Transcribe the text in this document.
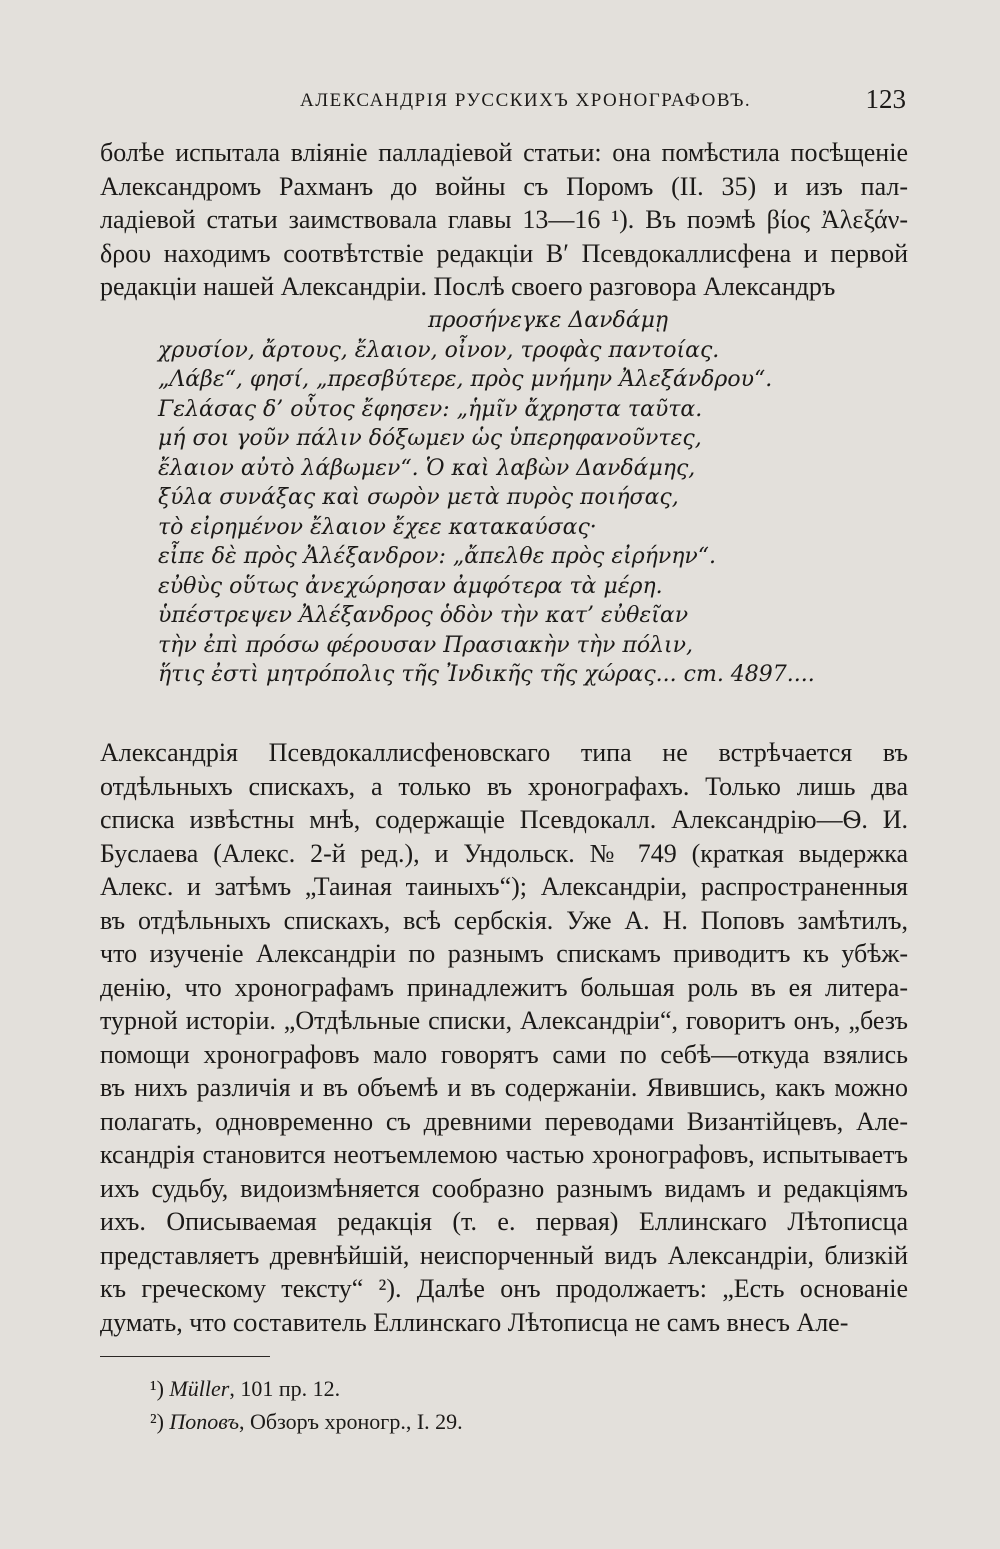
АЛЕКСАНДРІЯ РУССКИХЪ ХРОНОГРАФОВЪ.	123
болѣе испытала вліяніе палладіевой статьи: она помѣстила посѣщеніе
Александромъ Рахманъ до войны съ Поромъ (II. 35) и изъ пал-
ладіевой статьи заимствовала главы 13—16 ¹). Въ поэмѣ βίος Ἀλεξάν-
δρου находимъ соотвѣтствіе редакціи B′ Псевдокаллисфена и первой
редакціи нашей Александріи. Послѣ своего разговора Александръ
προσήνεγκε Δανδάμῃ
χρυσίον, ἄρτους, ἔλαιον, οἶνον, τροφὰς παντοίας.
„Λάβε“, φησί, „πρεσβύτερε, πρὸς μνήμην Ἀλεξάνδρου“.
Γελάσας δ’ οὗτος ἔφησεν: „ἡμῖν ἄχρηστα ταῦτα.
μή σοι γοῦν πάλιν δόξωμεν ὡς ὑπερηφανοῦντες,
ἔλαιον αὐτὸ λάβωμεν“. Ὁ καὶ λαβὼν Δανδάμης,
ξύλα συνάξας καὶ σωρὸν μετὰ πυρὸς ποιήσας,
τὸ εἰρημένον ἔλαιον ἔχεε κατακαύσας·
εἶπε δὲ πρὸς Ἀλέξανδρον: „ἄπελθε πρὸς εἰρήνην“.
εὐθὺς οὕτως ἀνεχώρησαν ἀμφότερα τὰ μέρη.
ὑπέστρεψεν Ἀλέξανδρος ὁδὸν τὴν κατ’ εὐθεῖαν
τὴν ἐπὶ πρόσω φέρουσαν Πρασιακὴν τὴν πόλιν,
ἥτις ἐστὶ μητρόπολις τῆς Ἰνδικῆς τῆς χώρας... ст. 4897....
Александрія Псевдокаллисфеновскаго типа не встрѣчается въ
отдѣльныхъ спискахъ, а только въ хронографахъ. Только лишь два
списка извѣстны мнѣ, содержащіе Псевдокалл. Александрію—Ѳ. И.
Буслаева (Алекс. 2-й ред.), и Ундольск. № 749 (краткая выдержка
Алекс. и затѣмъ „Таиная таиныхъ“); Александріи, распространенныя
въ отдѣльныхъ спискахъ, всѣ сербскія. Уже А. Н. Поповъ замѣтилъ,
что изученіе Александріи по разнымъ спискамъ приводитъ къ убѣж-
денію, что хронографамъ принадлежитъ большая роль въ ея литера-
турной исторіи. „Отдѣльные списки, Александріи“, говоритъ онъ, „безъ
помощи хронографовъ мало говорятъ сами по себѣ—откуда взялись
въ нихъ различія и въ объемѣ и въ содержаніи. Явившись, какъ можно
полагать, одновременно съ древними переводами Византійцевъ, Але-
ксандрія становится неотъемлемою частью хронографовъ, испытываетъ
ихъ судьбу, видоизмѣняется сообразно разнымъ видамъ и редакціямъ
ихъ. Описываемая редакція (т. е. первая) Еллинскаго Лѣтописца
представляетъ древнѣйшій, неиспорченный видъ Александріи, близкій
къ греческому тексту“ ²). Далѣе онъ продолжаетъ: „Есть основаніе
думать, что составитель Еллинскаго Лѣтописца не самъ внесъ Але-
¹) Müller, 101 пр. 12.
²) Поповъ, Обзоръ хроногр., I. 29.
